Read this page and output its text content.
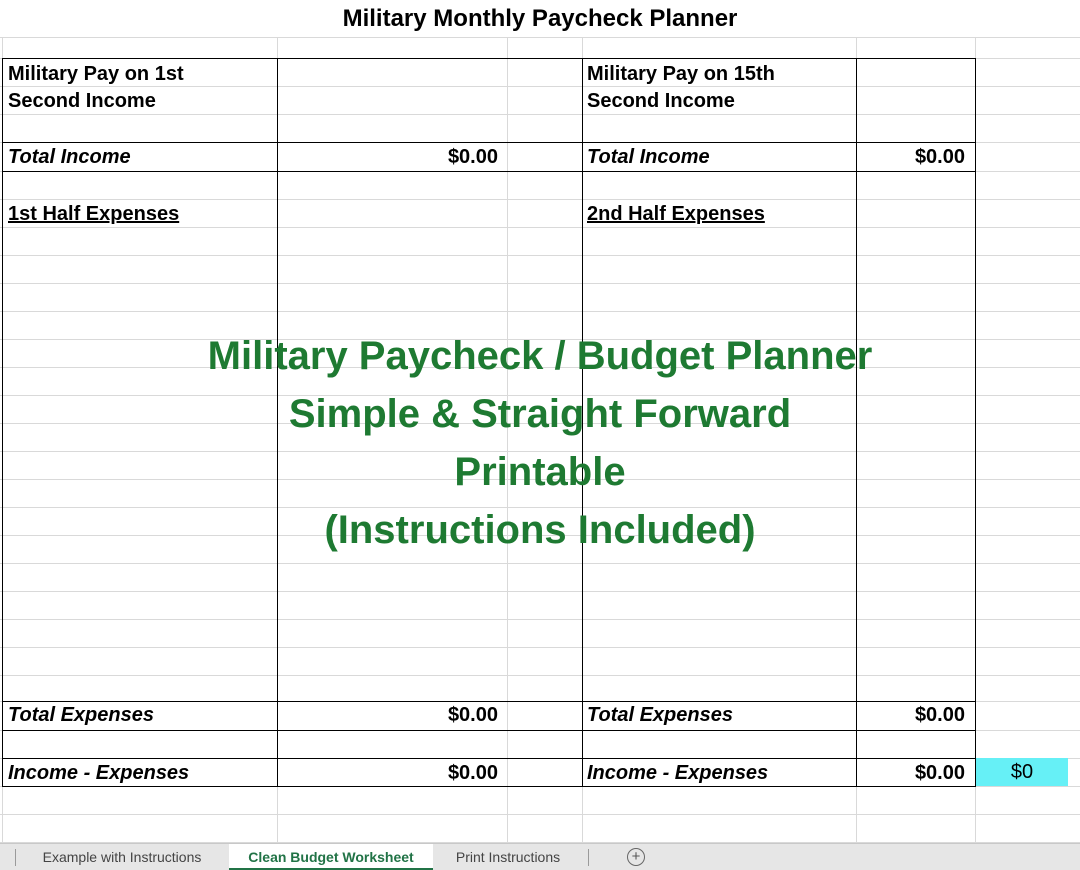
Military Monthly Paycheck Planner
Military Pay on 1st
Second Income
Total Income	$0.00
1st Half Expenses
Total Expenses	$0.00
Income - Expenses	$0.00
Military Pay on 15th
Second Income
Total Income	$0.00
2nd Half Expenses
Total Expenses	$0.00
Income - Expenses	$0.00	$0
Military Paycheck / Budget Planner
Simple & Straight Forward
Printable
(Instructions Included)
Example with Instructions	Clean Budget Worksheet	Print Instructions	+
